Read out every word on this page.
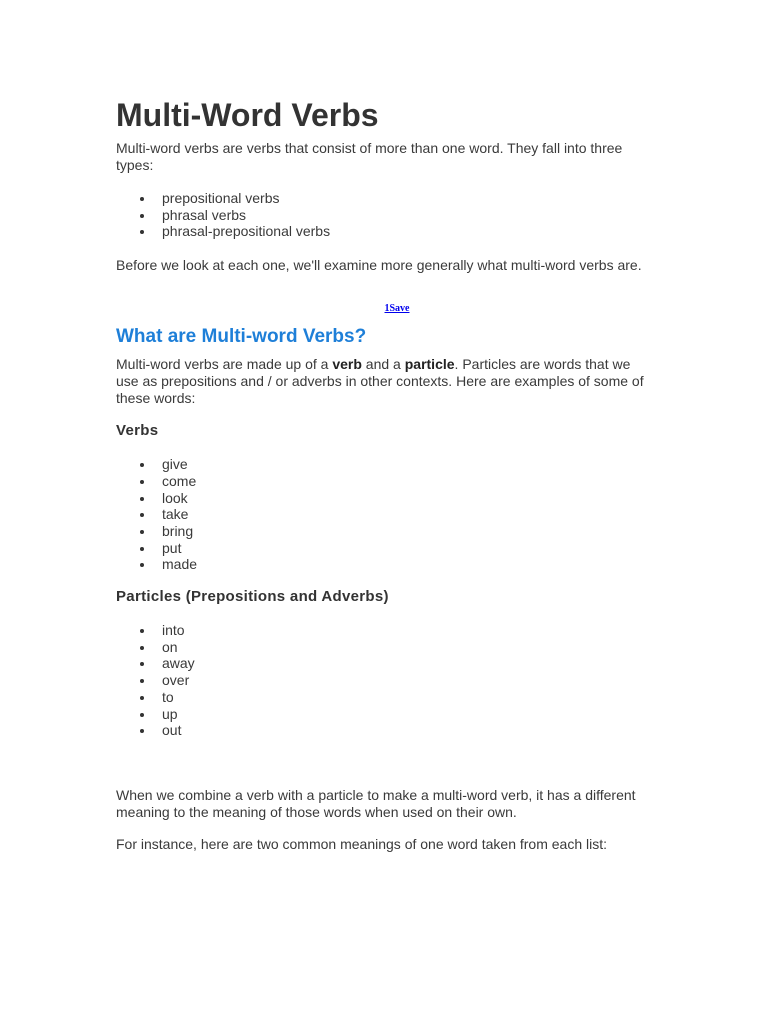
Multi-Word Verbs

Multi-word verbs are verbs that consist of more than one word. They fall into three types:

prepositional verbs
phrasal verbs
phrasal-prepositional verbs

Before we look at each one, we'll examine more generally what multi-word verbs are.

1Save
What are Multi-word Verbs?

Multi-word verbs are made up of a verb and a particle. Particles are words that we use as prepositions and / or adverbs in other contexts. Here are examples of some of these words:

Verbs
give
come
look
take
bring
put
made
Particles (Prepositions and Adverbs)
into
on
away
over
to
up
out

When we combine a verb with a particle to make a multi-word verb, it has a different meaning to the meaning of those words when used on their own.

For instance, here are two common meanings of one word taken from each list:
